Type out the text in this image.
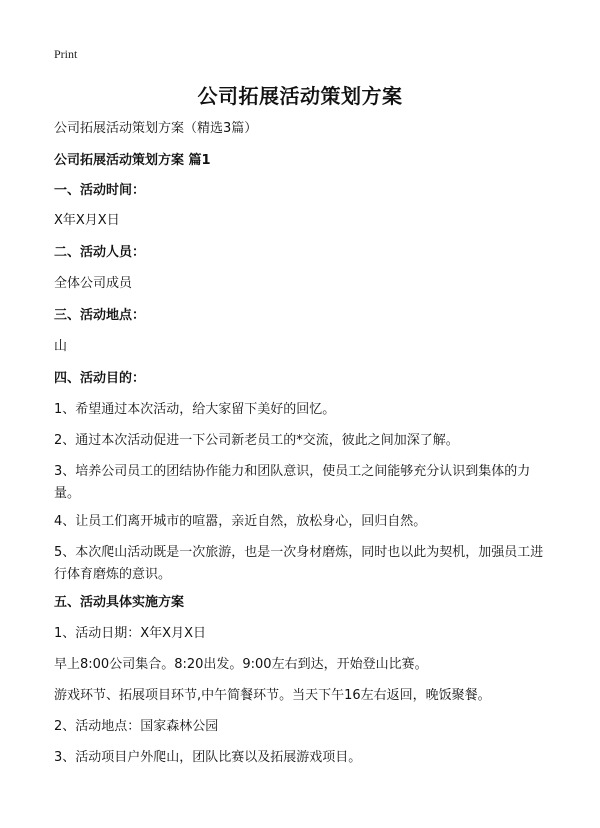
Print
公司拓展活动策划方案
公司拓展活动策划方案（精选3篇）
公司拓展活动策划方案 篇1
一、活动时间：
X年X月X日
二、活动人员：
全体公司成员
三、活动地点：
山
四、活动目的：
1、希望通过本次活动，给大家留下美好的回忆。
2、通过本次活动促进一下公司新老员工的*交流，彼此之间加深了解。
3、培养公司员工的团结协作能力和团队意识，使员工之间能够充分认识到集体的力量。
4、让员工们离开城市的喧嚣，亲近自然，放松身心，回归自然。
5、本次爬山活动既是一次旅游，也是一次身材磨炼，同时也以此为契机，加强员工进行体育磨炼的意识。
五、活动具体实施方案
1、活动日期：X年X月X日
早上8:00公司集合。8:20出发。9:00左右到达，开始登山比赛。
游戏环节、拓展项目环节,中午简餐环节。当天下午16左右返回，晚饭聚餐。
2、活动地点：国家森林公园
3、活动项目户外爬山，团队比赛以及拓展游戏项目。
